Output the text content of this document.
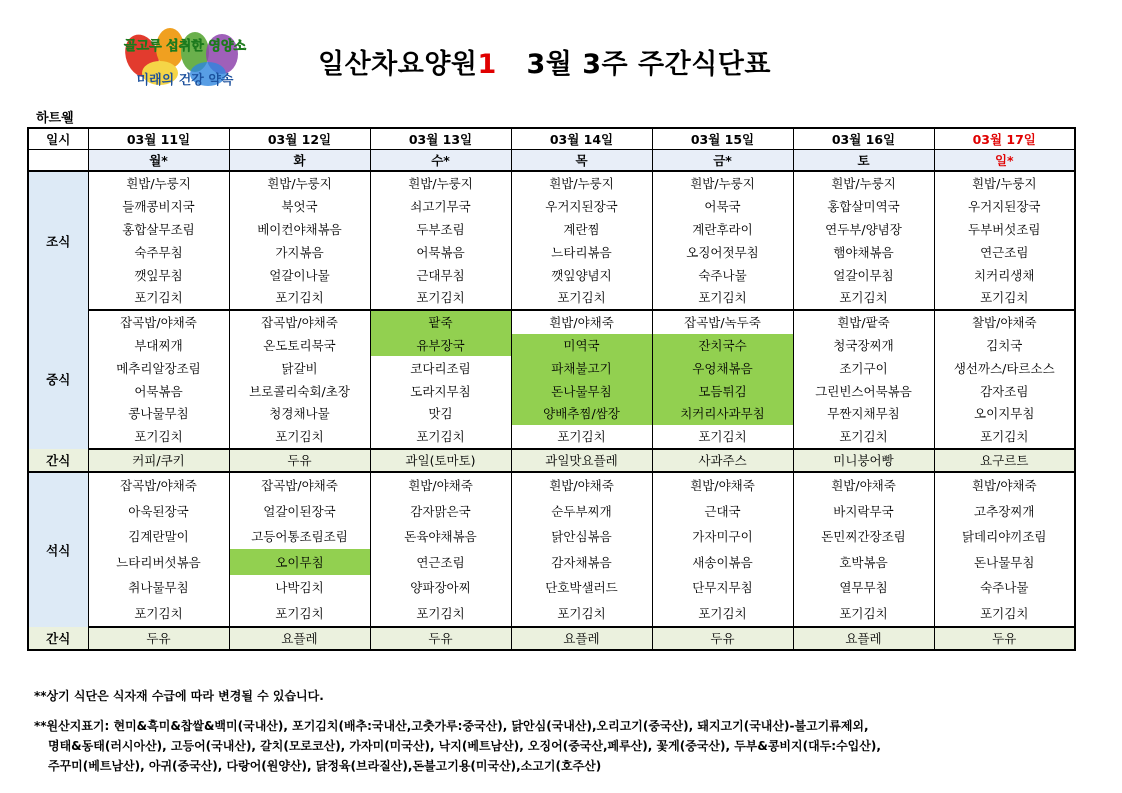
골고루 섭취한 영양소
미래의 건강 약속
일산차요양원1   3월 3주 주간식단표
하트웰
일시	03월 11일	03월 12일	03월 13일	03월 14일	03월 15일	03월 16일	03월 17일
	월*	화	수*	목	금*	토	일*
조식	흰밥/누룽지	흰밥/누룽지	흰밥/누룽지	흰밥/누룽지	흰밥/누룽지	흰밥/누룽지	흰밥/누룽지
	들깨콩비지국	북엇국	쇠고기무국	우거지된장국	어묵국	홍합살미역국	우거지된장국
	홍합살무조림	베이컨야채볶음	두부조림	계란찜	계란후라이	연두부/양념장	두부버섯조림
	숙주무침	가지볶음	어묵볶음	느타리볶음	오징어젓무침	햄야채볶음	연근조림
	깻잎무침	얼갈이나물	근대무침	깻잎양념지	숙주나물	얼갈이무침	치커리생채
	포기김치	포기김치	포기김치	포기김치	포기김치	포기김치	포기김치
중식	잡곡밥/야채죽	잡곡밥/야채죽	팥죽	흰밥/야채죽	잡곡밥/녹두죽	흰밥/팥죽	찰밥/야채죽
	부대찌개	온도토리묵국	유부장국	미역국	잔치국수	청국장찌개	김치국
	메추리알장조림	닭갈비	코다리조림	파채불고기	우엉채볶음	조기구이	생선까스/타르소스
	어묵볶음	브로콜리숙회/초장	도라지무침	돈나물무침	모듬튀김	그린빈스어묵볶음	감자조림
	콩나물무침	청경채나물	맛김	양배추찜/쌈장	치커리사과무침	무짠지채무침	오이지무침
	포기김치	포기김치	포기김치	포기김치	포기김치	포기김치	포기김치
간식	커피/쿠키	두유	과일(토마토)	과일맛요플레	사과주스	미니붕어빵	요구르트
석식	잡곡밥/야채죽	잡곡밥/야채죽	흰밥/야채죽	흰밥/야채죽	흰밥/야채죽	흰밥/야채죽	흰밥/야채죽
	아욱된장국	얼갈이된장국	감자맑은국	순두부찌개	근대국	바지락무국	고추장찌개
	김계란말이	고등어통조림조림	돈육야채볶음	닭안심볶음	가자미구이	돈민찌간장조림	닭데리야끼조림
	느타리버섯볶음	오이무침	연근조림	감자채볶음	새송이볶음	호박볶음	돈나물무침
	취나물무침	나박김치	양파장아찌	단호박샐러드	단무지무침	열무무침	숙주나물
	포기김치	포기김치	포기김치	포기김치	포기김치	포기김치	포기김치
간식	두유	요플레	두유	요플레	두유	요플레	두유

**상기 식단은 식자재 수급에 따라 변경될 수 있습니다.

**원산지표기: 현미&흑미&찹쌀&백미(국내산), 포기김치(배추:국내산,고춧가루:중국산), 닭안심(국내산),오리고기(중국산), 돼지고기(국내산)-불고기류제외,

명태&동태(러시아산), 고등어(국내산), 갈치(모로코산), 가자미(미국산), 낙지(베트남산), 오징어(중국산,페루산), 꽃게(중국산), 두부&콩비지(대두:수입산),

주꾸미(베트남산), 아귀(중국산), 다랑어(원양산), 닭정육(브라질산),돈불고기용(미국산),소고기(호주산)
